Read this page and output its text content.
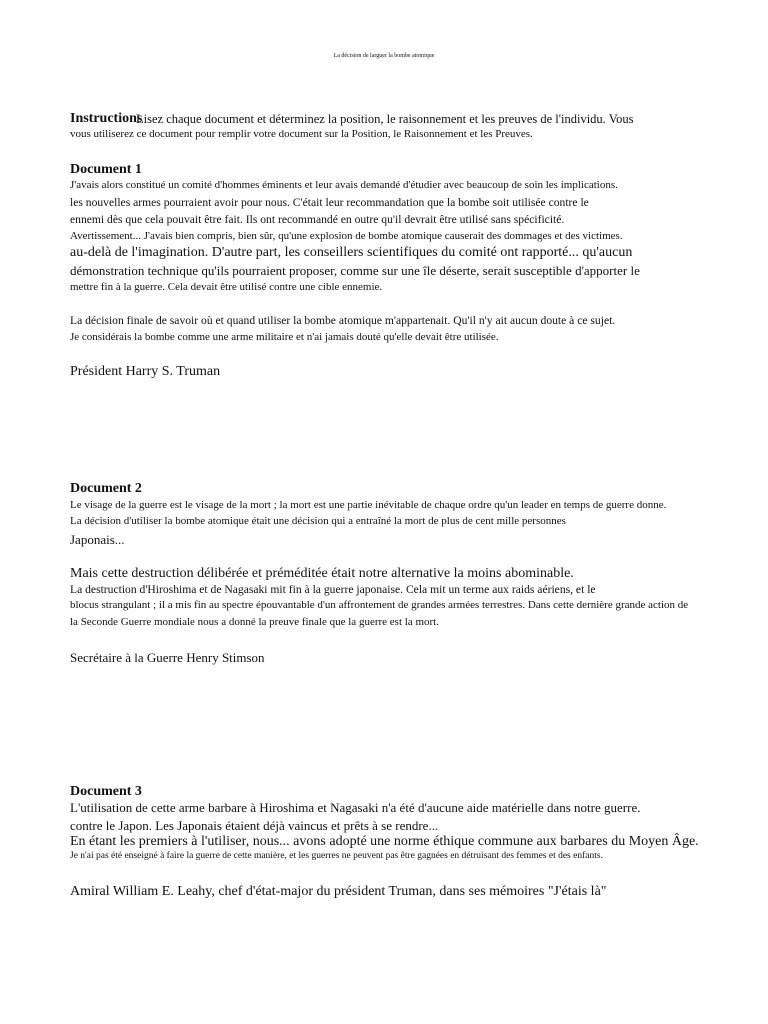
La décision de larguer la bombe atomique
Instructions
Lisez chaque document et déterminez la position, le raisonnement et les preuves de l'individu. Vous
vous utiliserez ce document pour remplir votre document sur la Position, le Raisonnement et les Preuves.
Document 1
J'avais alors constitué un comité d'hommes éminents et leur avais demandé d'étudier avec beaucoup de soin les implications.
les nouvelles armes pourraient avoir pour nous. C'était leur recommandation que la bombe soit utilisée contre le
ennemi dès que cela pouvait être fait. Ils ont recommandé en outre qu'il devrait être utilisé sans spécificité.
Avertissement... J'avais bien compris, bien sûr, qu'une explosion de bombe atomique causerait des dommages et des victimes.
au-delà de l'imagination. D'autre part, les conseillers scientifiques du comité ont rapporté... qu'aucun
démonstration technique qu'ils pourraient proposer, comme sur une île déserte, serait susceptible d'apporter le
mettre fin à la guerre. Cela devait être utilisé contre une cible ennemie.
La décision finale de savoir où et quand utiliser la bombe atomique m'appartenait. Qu'il n'y ait aucun doute à ce sujet.
Je considérais la bombe comme une arme militaire et n'ai jamais douté qu'elle devait être utilisée.
Président Harry S. Truman
Document 2
Le visage de la guerre est le visage de la mort ; la mort est une partie inévitable de chaque ordre qu'un leader en temps de guerre donne.
La décision d'utiliser la bombe atomique était une décision qui a entraîné la mort de plus de cent mille personnes
Japonais...
Mais cette destruction délibérée et préméditée était notre alternative la moins abominable.
La destruction d'Hiroshima et de Nagasaki mit fin à la guerre japonaise. Cela mit un terme aux raids aériens, et le
blocus strangulant ; il a mis fin au spectre épouvantable d'un affrontement de grandes armées terrestres. Dans cette dernière grande action de
la Seconde Guerre mondiale nous a donné la preuve finale que la guerre est la mort.
Secrétaire à la Guerre Henry Stimson
Document 3
L'utilisation de cette arme barbare à Hiroshima et Nagasaki n'a été d'aucune aide matérielle dans notre guerre.
contre le Japon. Les Japonais étaient déjà vaincus et prêts à se rendre...
En étant les premiers à l'utiliser, nous... avons adopté une norme éthique commune aux barbares du Moyen Âge.
Je n'ai pas été enseigné à faire la guerre de cette manière, et les guerres ne peuvent pas être gagnées en détruisant des femmes et des enfants.
Amiral William E. Leahy, chef d'état-major du président Truman, dans ses mémoires "J'étais là"
